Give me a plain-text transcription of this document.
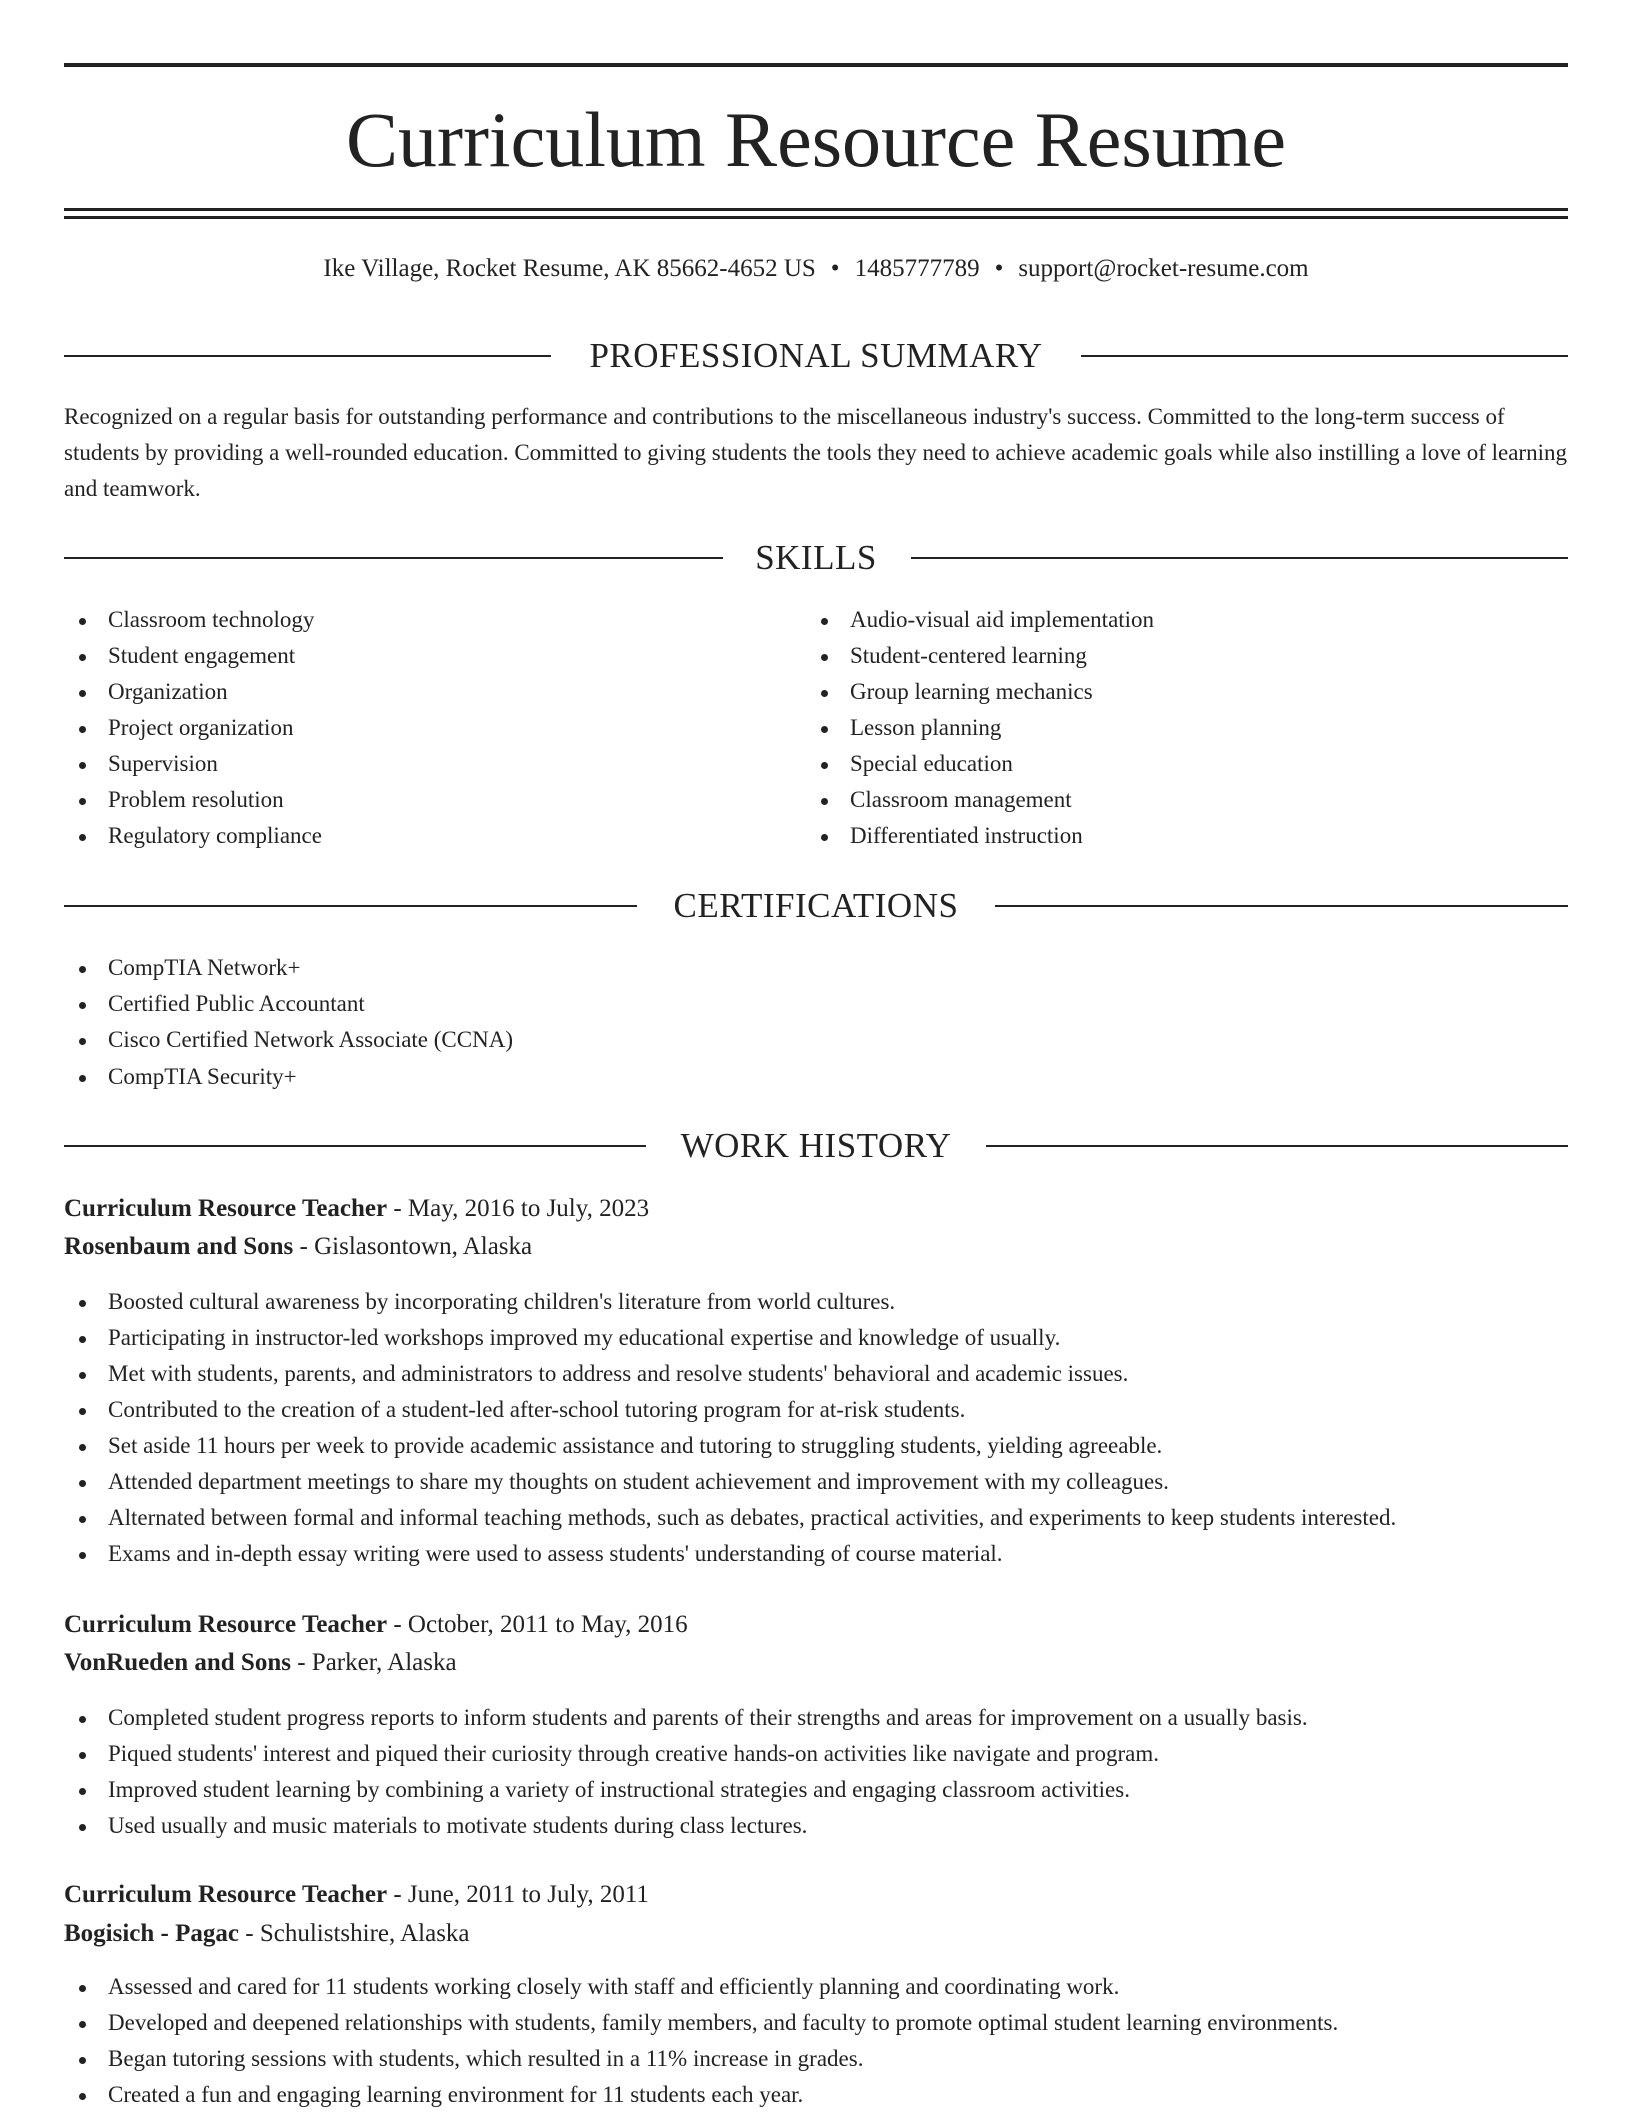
Curriculum Resource Resume
Ike Village, Rocket Resume, AK 85662-4652 US • 1485777789 • support@rocket-resume.com
PROFESSIONAL SUMMARY

Recognized on a regular basis for outstanding performance and contributions to the miscellaneous industry's success. Committed to the long-term success of students by providing a well-rounded education. Committed to giving students the tools they need to achieve academic goals while also instilling a love of learning and teamwork.

SKILLS
Classroom technology
Student engagement
Organization
Project organization
Supervision
Problem resolution
Regulatory compliance
Audio-visual aid implementation
Student-centered learning
Group learning mechanics
Lesson planning
Special education
Classroom management
Differentiated instruction
CERTIFICATIONS
CompTIA Network+
Certified Public Accountant
Cisco Certified Network Associate (CCNA)
CompTIA Security+
WORK HISTORY
Curriculum Resource Teacher - May, 2016 to July, 2023
Rosenbaum and Sons - Gislasontown, Alaska
Boosted cultural awareness by incorporating children's literature from world cultures.
Participating in instructor-led workshops improved my educational expertise and knowledge of usually.
Met with students, parents, and administrators to address and resolve students' behavioral and academic issues.
Contributed to the creation of a student-led after-school tutoring program for at-risk students.
Set aside 11 hours per week to provide academic assistance and tutoring to struggling students, yielding agreeable.
Attended department meetings to share my thoughts on student achievement and improvement with my colleagues.
Alternated between formal and informal teaching methods, such as debates, practical activities, and experiments to keep students interested.
Exams and in-depth essay writing were used to assess students' understanding of course material.
Curriculum Resource Teacher - October, 2011 to May, 2016
VonRueden and Sons - Parker, Alaska
Completed student progress reports to inform students and parents of their strengths and areas for improvement on a usually basis.
Piqued students' interest and piqued their curiosity through creative hands-on activities like navigate and program.
Improved student learning by combining a variety of instructional strategies and engaging classroom activities.
Used usually and music materials to motivate students during class lectures.
Curriculum Resource Teacher - June, 2011 to July, 2011
Bogisich - Pagac - Schulistshire, Alaska
Assessed and cared for 11 students working closely with staff and efficiently planning and coordinating work.
Developed and deepened relationships with students, family members, and faculty to promote optimal student learning environments.
Began tutoring sessions with students, which resulted in a 11% increase in grades.
Created a fun and engaging learning environment for 11 students each year.
